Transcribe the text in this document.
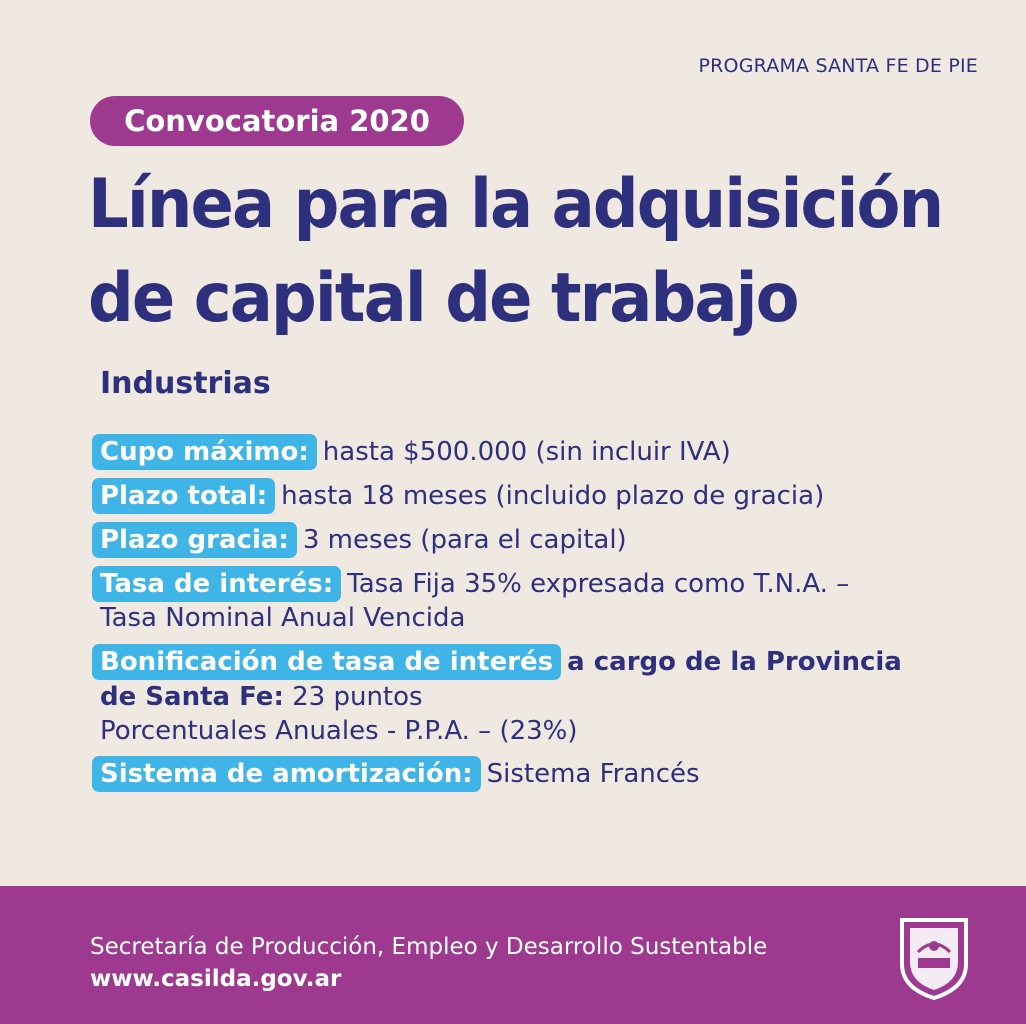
PROGRAMA SANTA FE DE PIE
Convocatoria 2020
Línea para la adquisición
de capital de trabajo
Industrias
Cupo máximo: hasta $500.000 (sin incluir IVA)
Plazo total: hasta 18 meses (incluido plazo de gracia)
Plazo gracia: 3 meses (para el capital)
Tasa de interés: Tasa Fija 35% expresada como T.N.A. –
Tasa Nominal Anual Vencida
Bonificación de tasa de interés a cargo de la Provincia
de Santa Fe: 23 puntos
Porcentuales Anuales - P.P.A. – (23%)
Sistema de amortización: Sistema Francés
Secretaría de Producción, Empleo y Desarrollo Sustentable
www.casilda.gov.ar
